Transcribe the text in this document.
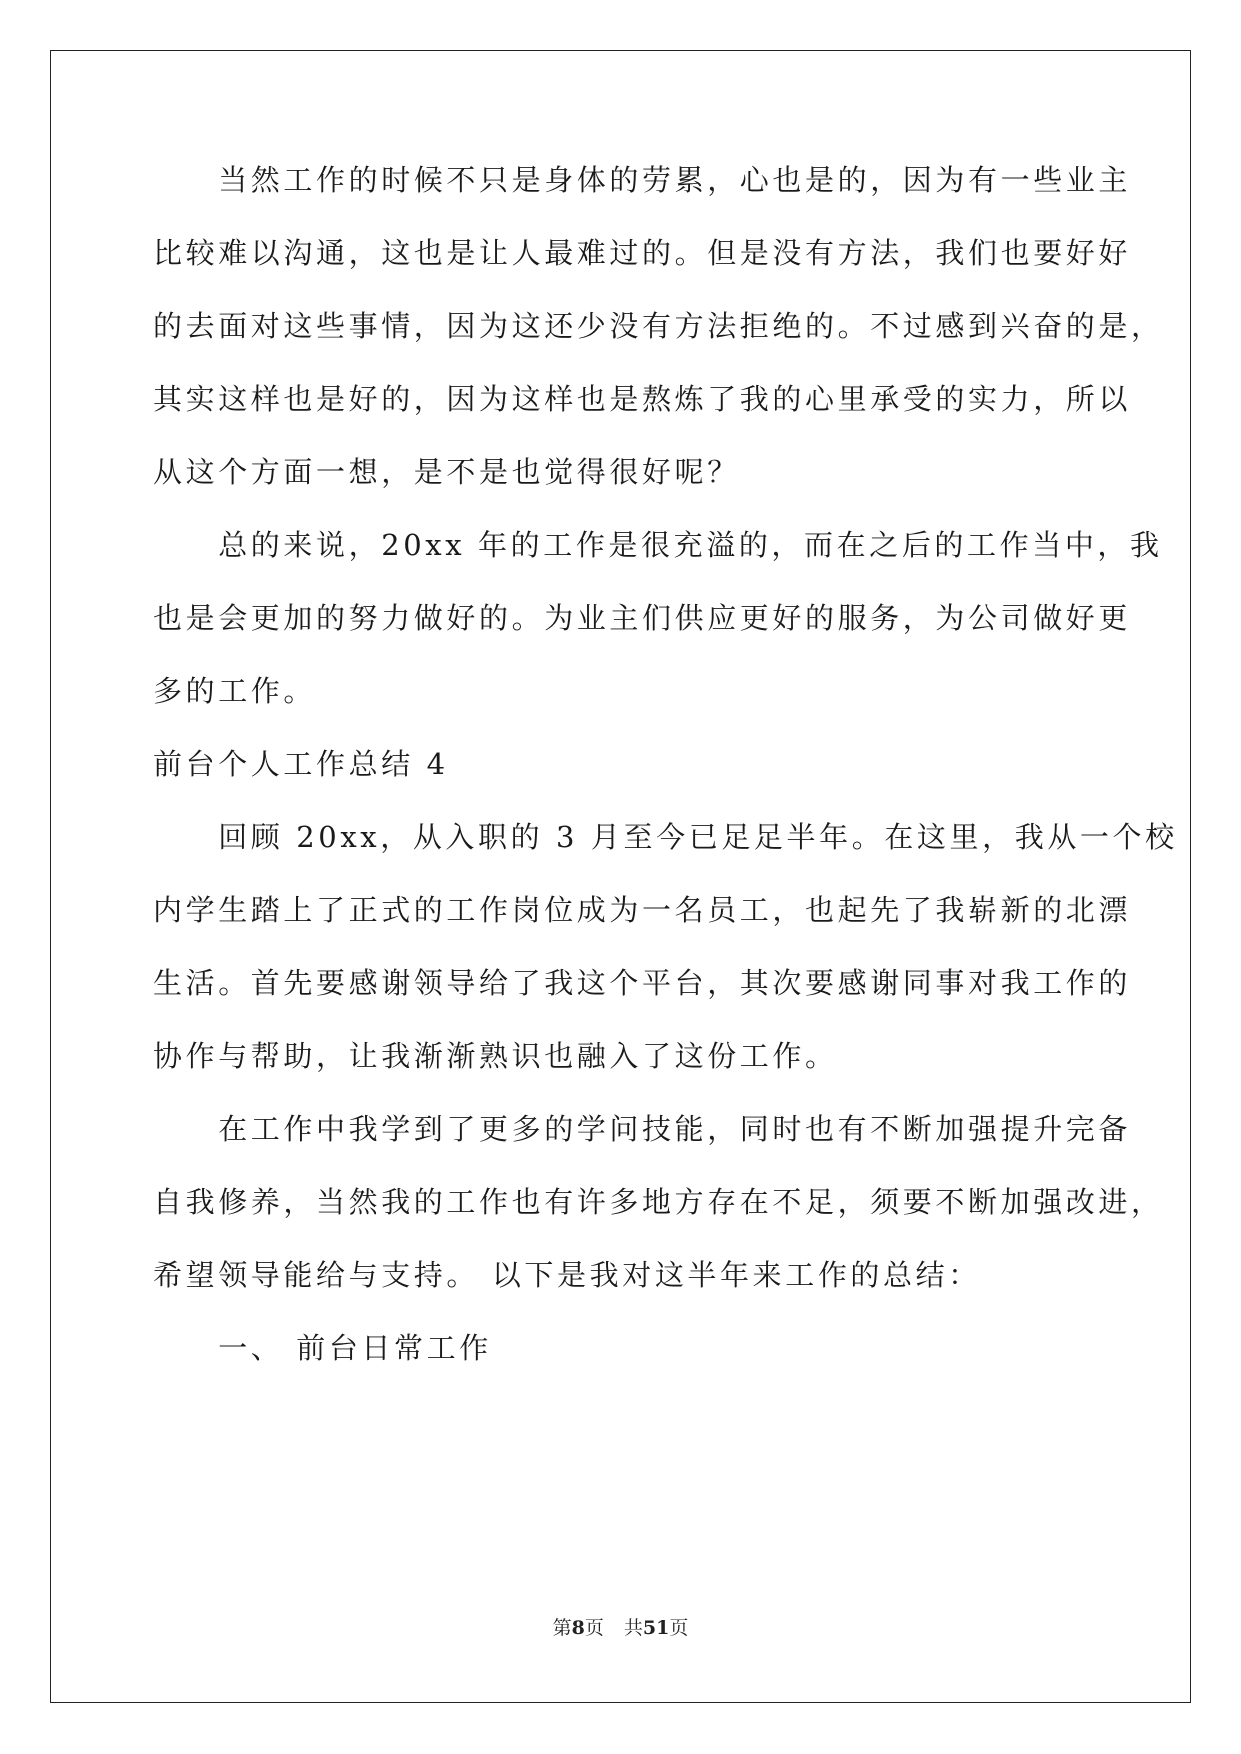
　　当然工作的时候不只是身体的劳累，心也是的，因为有一些业主
比较难以沟通，这也是让人最难过的。但是没有方法，我们也要好好
的去面对这些事情，因为这还少没有方法拒绝的。不过感到兴奋的是，
其实这样也是好的，因为这样也是熬炼了我的心里承受的实力，所以
从这个方面一想，是不是也觉得很好呢？
　　总的来说，20xx 年的工作是很充溢的，而在之后的工作当中，我
也是会更加的努力做好的。为业主们供应更好的服务，为公司做好更
多的工作。
前台个人工作总结 4
　　回顾 20xx，从入职的 3 月至今已足足半年。在这里，我从一个校
内学生踏上了正式的工作岗位成为一名员工，也起先了我崭新的北漂
生活。首先要感谢领导给了我这个平台，其次要感谢同事对我工作的
协作与帮助，让我渐渐熟识也融入了这份工作。
　　在工作中我学到了更多的学问技能，同时也有不断加强提升完备
自我修养，当然我的工作也有许多地方存在不足，须要不断加强改进，
希望领导能给与支持。 以下是我对这半年来工作的总结：
　　一、 前台日常工作
第8页 共51页
